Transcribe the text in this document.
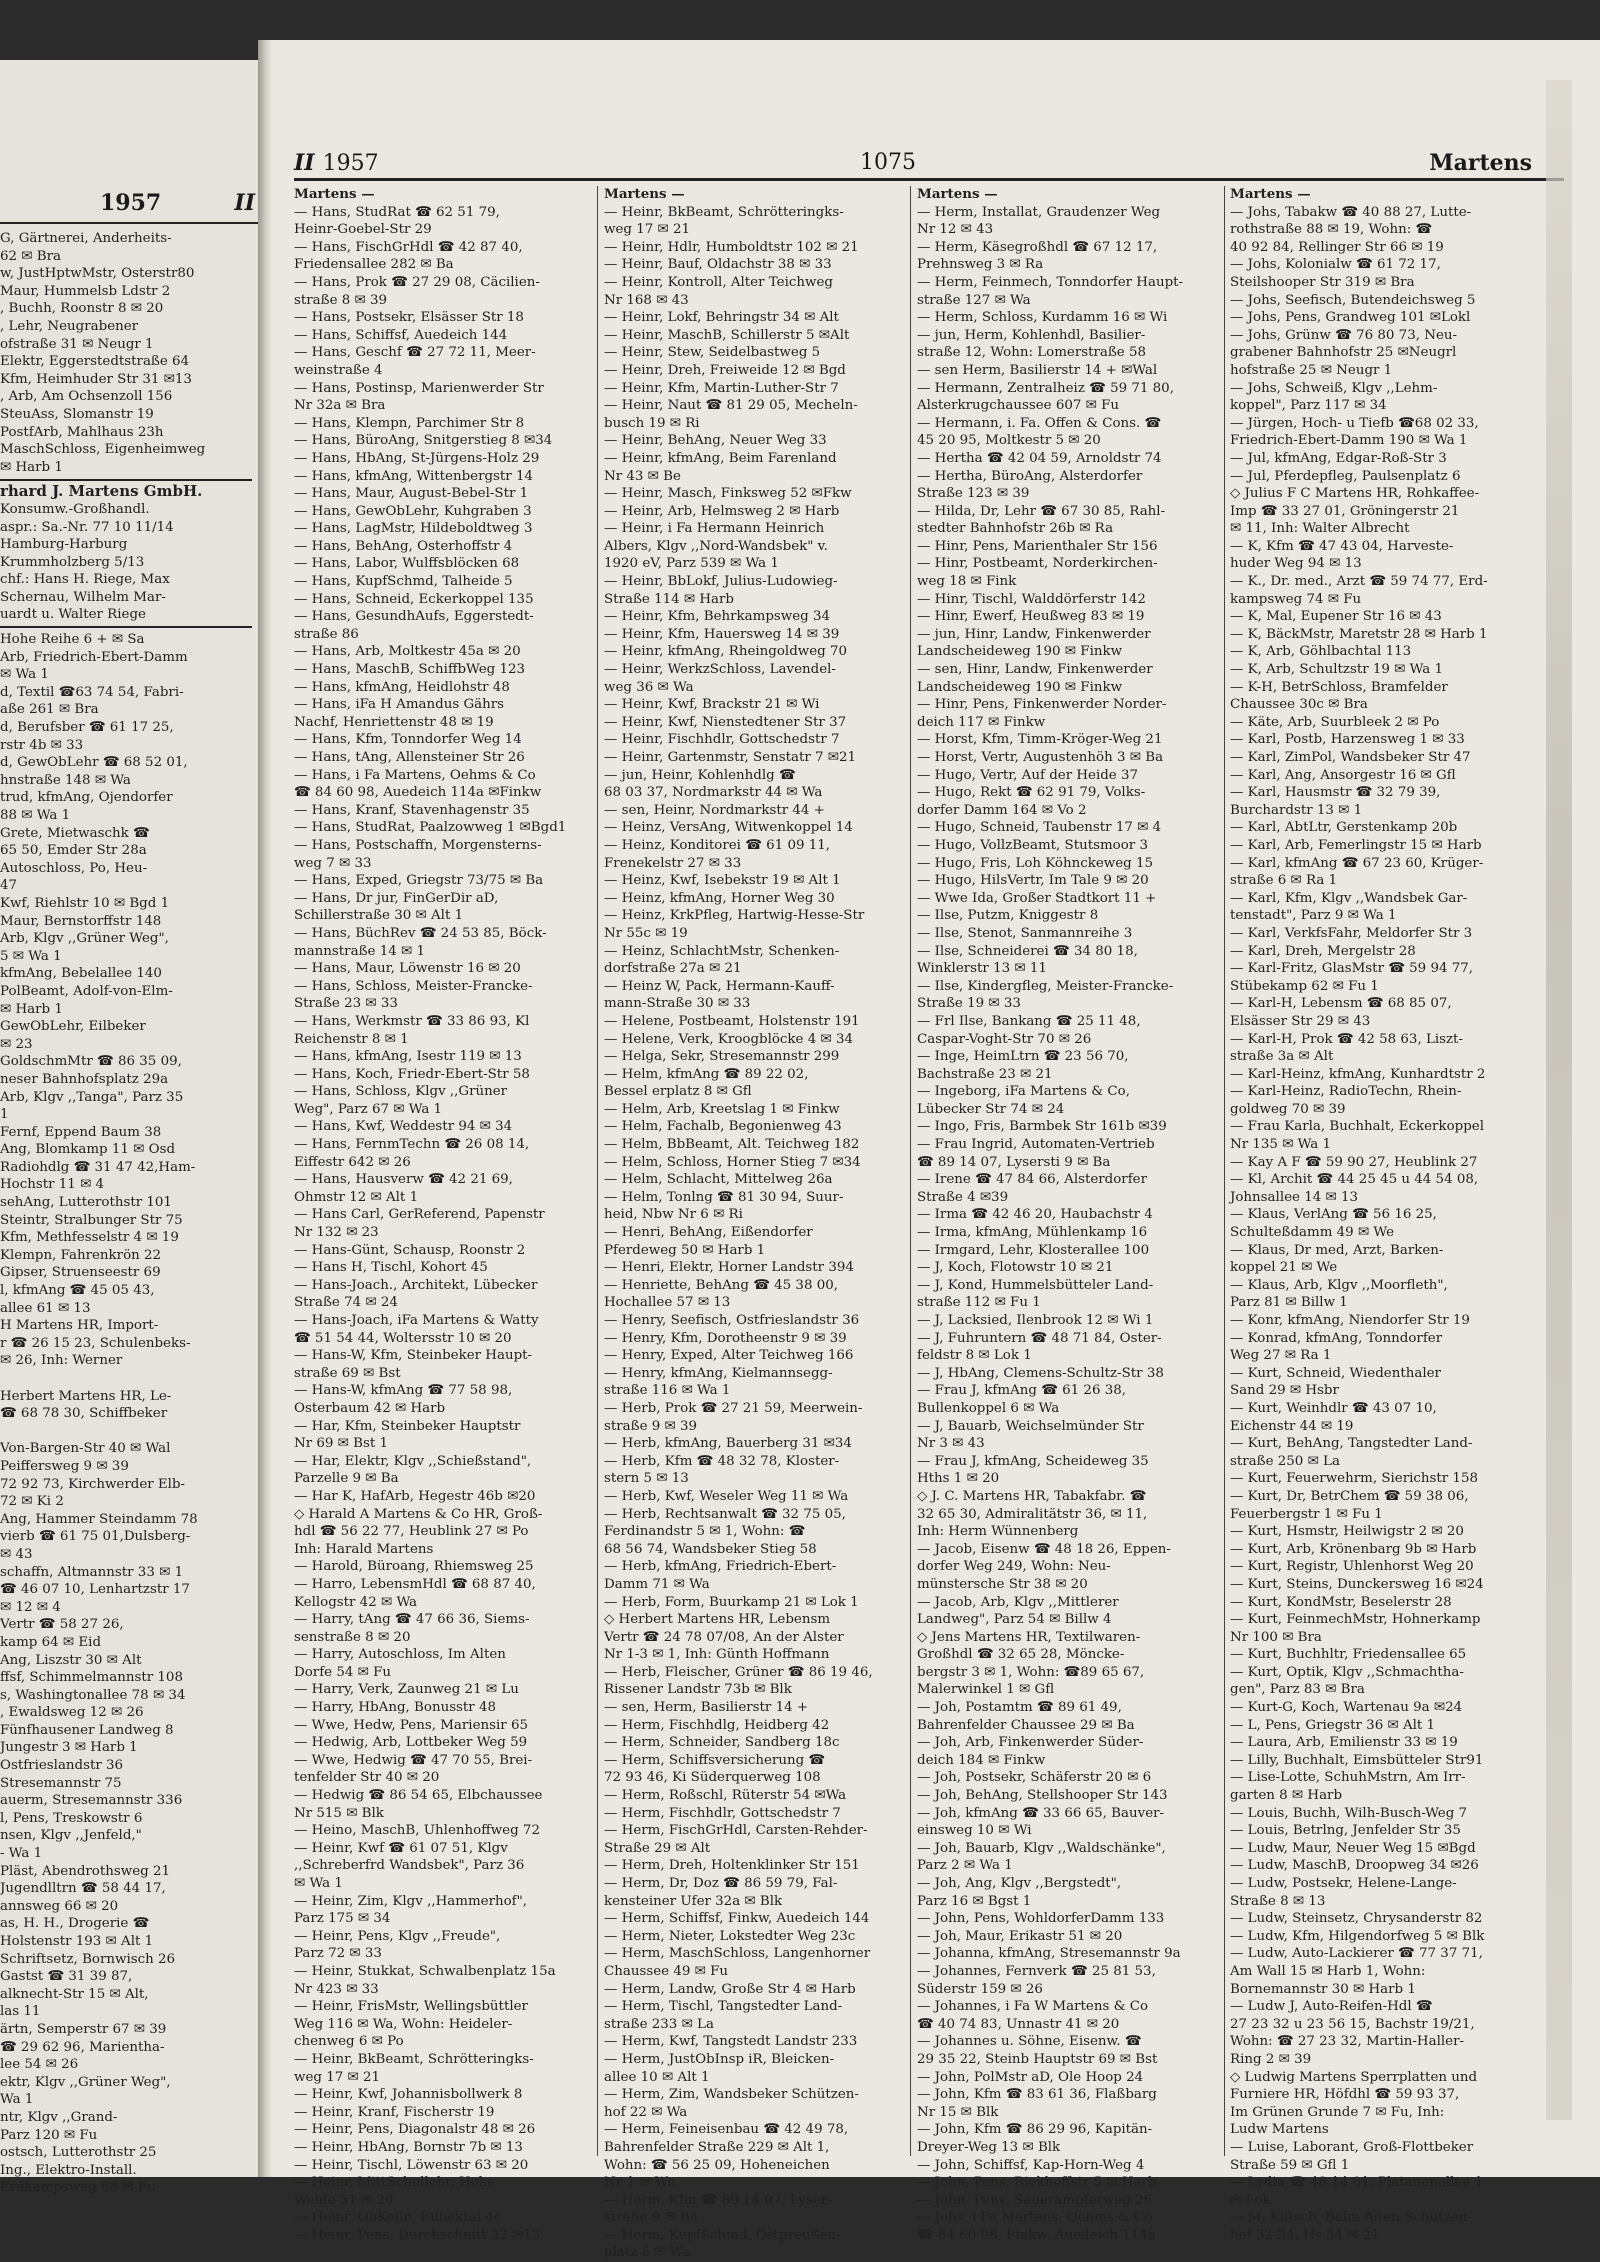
1957	II
G, Gärtnerei, Anderheits-
62 ✉ Bra
w, JustHptwMstr, Osterstr80
Maur, Hummelsb Ldstr 2
, Buchh, Roonstr 8 ✉ 20
, Lehr, Neugrabener
ofstraße 31 ✉ Neugr 1
Elektr, Eggerstedtstraße 64
Kfm, Heimhuder Str 31 ✉13
, Arb, Am Ochsenzoll 156
SteuAss, Slomanstr 19
PostfArb, Mahlhaus 23h
MaschSchloss, Eigenheimweg
✉ Harb 1
rhard J. Martens GmbH.
Konsumw.-Großhandl.
aspr.: Sa.-Nr. 77 10 11/14
Hamburg-Harburg
Krummholzberg 5/13
chf.: Hans H. Riege, Max
Schernau, Wilhelm Mar-
uardt u. Walter Riege
Hohe Reihe 6 + ✉ Sa
Arb, Friedrich-Ebert-Damm
✉ Wa 1
d, Textil ☎63 74 54, Fabri-
aße 261 ✉ Bra
d, Berufsber ☎ 61 17 25,
rstr 4b ✉ 33
d, GewObLehr ☎ 68 52 01,
hnstraße 148 ✉ Wa
trud, kfmAng, Ojendorfer
88 ✉ Wa 1
Grete, Mietwaschk ☎
65 50, Emder Str 28a
Autoschloss, Po, Heu-
47
Kwf, Riehlstr 10 ✉ Bgd 1
Maur, Bernstorffstr 148
Arb, Klgv ,,Grüner Weg",
5 ✉ Wa 1
kfmAng, Bebelallee 140
PolBeamt, Adolf-von-Elm-
✉ Harb 1
GewObLehr, Eilbeker
✉ 23
GoldschmMtr ☎ 86 35 09,
neser Bahnhofsplatz 29a
Arb, Klgv ,,Tanga", Parz 35
1
Fernf, Eppend Baum 38
Ang, Blomkamp 11 ✉ Osd
Radiohdlg ☎ 31 47 42,Ham-
Hochstr 11 ✉ 4
sehAng, Lutterothstr 101
Steintr, Stralbunger Str 75
Kfm, Methfesselstr 4 ✉ 19
Klempn, Fahrenkrön 22
Gipser, Struenseestr 69
l, kfmAng ☎ 45 05 43,
allee 61 ✉ 13
H Martens HR, Import-
r ☎ 26 15 23, Schulenbeks-
✉ 26, Inh: Werner

Herbert Martens HR, Le-
☎ 68 78 30, Schiffbeker

Von-Bargen-Str 40 ✉ Wal
Peiffersweg 9 ✉ 39
72 92 73, Kirchwerder Elb-
72 ✉ Ki 2
Ang, Hammer Steindamm 78
vierb ☎ 61 75 01,Dulsberg-
✉ 43
schaffn, Altmannstr 33 ✉ 1
☎ 46 07 10, Lenhartzstr 17
✉ 12 ✉ 4
Vertr ☎ 58 27 26,
kamp 64 ✉ Eid
Ang, Liszstr 30 ✉ Alt
ffsf, Schimmelmannstr 108
s, Washingtonallee 78 ✉ 34
, Ewaldsweg 12 ✉ 26
Fünfhausener Landweg 8
Jungestr 3 ✉ Harb 1
Ostfrieslandstr 36
Stresemannstr 75
auerm, Stresemannstr 336
l, Pens, Treskowstr 6
nsen, Klgv ,,Jenfeld,"
- Wa 1
Pläst, Abendrothsweg 21
Jugendlltrn ☎ 58 44 17,
annsweg 66 ✉ 20
as, H. H., Drogerie ☎
Holstenstr 193 ✉ Alt 1
Schriftsetz, Bornwisch 26
Gastst ☎ 31 39 87,
alknecht-Str 15 ✉ Alt,
las 11
ärtn, Semperstr 67 ✉ 39
☎ 29 62 96, Marientha-
lee 54 ✉ 26
ektr, Klgv ,,Grüner Weg",
Wa 1
ntr, Klgv ,,Grand-
Parz 120 ✉ Fu
ostsch, Lutterothstr 25
Ing., Elektro-Install.
Erdkampsweg 68 ✉ Fu
II 1957	1075	Martens
Martens —
— Hans, StudRat ☎ 62 51 79,
Heinr-Goebel-Str 29
— Hans, FischGrHdl ☎ 42 87 40,
Friedensallee 282 ✉ Ba
— Hans, Prok ☎ 27 29 08, Cäcilien-
straße 8 ✉ 39
— Hans, Postsekr, Elsässer Str 18
— Hans, Schiffsf, Auedeich 144
— Hans, Geschf ☎ 27 72 11, Meer-
weinstraße 4
— Hans, Postinsp, Marienwerder Str
Nr 32a ✉ Bra
— Hans, Klempn, Parchimer Str 8
— Hans, BüroAng, Snitgerstieg 8 ✉34
— Hans, HbAng, St-Jürgens-Holz 29
— Hans, kfmAng, Wittenbergstr 14
— Hans, Maur, August-Bebel-Str 1
— Hans, GewObLehr, Kuhgraben 3
— Hans, LagMstr, Hildeboldtweg 3
— Hans, BehAng, Osterhoffstr 4
— Hans, Labor, Wulffsblöcken 68
— Hans, KupfSchmd, Talheide 5
— Hans, Schneid, Eckerkoppel 135
— Hans, GesundhAufs, Eggerstedt-
straße 86
— Hans, Arb, Moltkestr 45a ✉ 20
— Hans, MaschB, SchiffbWeg 123
— Hans, kfmAng, Heidlohstr 48
— Hans, iFa H Amandus Gährs
Nachf, Henriettenstr 48 ✉ 19
— Hans, Kfm, Tonndorfer Weg 14
— Hans, tAng, Allensteiner Str 26
— Hans, i Fa Martens, Oehms & Co
☎ 84 60 98, Auedeich 114a ✉Finkw
— Hans, Kranf, Stavenhagenstr 35
— Hans, StudRat, Paalzowweg 1 ✉Bgd1
— Hans, Postschaffn, Morgensterns-
weg 7 ✉ 33
— Hans, Exped, Griegstr 73/75 ✉ Ba
— Hans, Dr jur, FinGerDir aD,
Schillerstraße 30 ✉ Alt 1
— Hans, BüchRev ☎ 24 53 85, Böck-
mannstraße 14 ✉ 1
— Hans, Maur, Löwenstr 16 ✉ 20
— Hans, Schloss, Meister-Francke-
Straße 23 ✉ 33
— Hans, Werkmstr ☎ 33 86 93, Kl
Reichenstr 8 ✉ 1
— Hans, kfmAng, Isestr 119 ✉ 13
— Hans, Koch, Friedr-Ebert-Str 58
— Hans, Schloss, Klgv ,,Grüner
Weg", Parz 67 ✉ Wa 1
— Hans, Kwf, Weddestr 94 ✉ 34
— Hans, FernmTechn ☎ 26 08 14,
Eiffestr 642 ✉ 26
— Hans, Hausverw ☎ 42 21 69,
Ohmstr 12 ✉ Alt 1
— Hans Carl, GerReferend, Papenstr
Nr 132 ✉ 23
— Hans-Günt, Schausp, Roonstr 2
— Hans H, Tischl, Kohort 45
— Hans-Joach., Architekt, Lübecker
Straße 74 ✉ 24
— Hans-Joach, iFa Martens & Watty
☎ 51 54 44, Woltersstr 10 ✉ 20
— Hans-W, Kfm, Steinbeker Haupt-
straße 69 ✉ Bst
— Hans-W, kfmAng ☎ 77 58 98,
Osterbaum 42 ✉ Harb
— Har, Kfm, Steinbeker Hauptstr
Nr 69 ✉ Bst 1
— Har, Elektr, Klgv ,,Schießstand",
Parzelle 9 ✉ Ba
— Har K, HafArb, Hegestr 46b ✉20
◇ Harald A Martens & Co HR, Groß-
hdl ☎ 56 22 77, Heublink 27 ✉ Po
Inh: Harald Martens
— Harold, Büroang, Rhiemsweg 25
— Harro, LebensmHdl ☎ 68 87 40,
Kellogstr 42 ✉ Wa
— Harry, tAng ☎ 47 66 36, Siems-
senstraße 8 ✉ 20
— Harry, Autoschloss, Im Alten
Dorfe 54 ✉ Fu
— Harry, Verk, Zaunweg 21 ✉ Lu
— Harry, HbAng, Bonusstr 48
— Wwe, Hedw, Pens, Mariensir 65
— Hedwig, Arb, Lottbeker Weg 59
— Wwe, Hedwig ☎ 47 70 55, Brei-
tenfelder Str 40 ✉ 20
— Hedwig ☎ 86 54 65, Elbchaussee
Nr 515 ✉ Blk
— Heino, MaschB, Uhlenhoffweg 72
— Heinr, Kwf ☎ 61 07 51, Klgv
,,Schreberfrd Wandsbek", Parz 36
✉ Wa 1
— Heinr, Zim, Klgv ,,Hammerhof",
Parz 175 ✉ 34
— Heinr, Pens, Klgv ,,Freude",
Parz 72 ✉ 33
— Heinr, Stukkat, Schwalbenplatz 15a
Nr 423 ✉ 33
— Heinr, FrisMstr, Wellingsbüttler
Weg 116 ✉ Wa, Wohn: Heideler-
chenweg 6 ✉ Po
— Heinr, BkBeamt, Schrötteringks-
weg 17 ✉ 21
— Heinr, Kwf, Johannisbollwerk 8
— Heinr, Kranf, Fischerstr 19
— Heinr, Pens, Diagonalstr 48 ✉ 26
— Heinr, HbAng, Bornstr 7b ✉ 13
— Heinr, Tischl, Löwenstr 63 ✉ 20
— Heinr, MittSchullehr, Hohe
Weide 51 ✉ 20
— Heinr, ObKelln, Eilbektal 4c
— Heinr, Pens, Durchschnitt 32 ✉13
Martens —
— Heinr, BkBeamt, Schrötteringks-
weg 17 ✉ 21
— Heinr, Hdlr, Humboldtstr 102 ✉ 21
— Heinr, Bauf, Oldachstr 38 ✉ 33
— Heinr, Kontroll, Alter Teichweg
Nr 168 ✉ 43
— Heinr, Lokf, Behringstr 34 ✉ Alt
— Heinr, MaschB, Schillerstr 5 ✉Alt
— Heinr, Stew, Seidelbastweg 5
— Heinr, Dreh, Freiweide 12 ✉ Bgd
— Heinr, Kfm, Martin-Luther-Str 7
— Heinr, Naut ☎ 81 29 05, Mecheln-
busch 19 ✉ Ri
— Heinr, BehAng, Neuer Weg 33
— Heinr, kfmAng, Beim Farenland
Nr 43 ✉ Be
— Heinr, Masch, Finksweg 52 ✉Fkw
— Heinr, Arb, Helmsweg 2 ✉ Harb
— Heinr, i Fa Hermann Heinrich
Albers, Klgv ,,Nord-Wandsbek" v.
1920 eV, Parz 539 ✉ Wa 1
— Heinr, BbLokf, Julius-Ludowieg-
Straße 114 ✉ Harb
— Heinr, Kfm, Behrkampsweg 34
— Heinr, Kfm, Hauersweg 14 ✉ 39
— Heinr, kfmAng, Rheingoldweg 70
— Heinr, WerkzSchloss, Lavendel-
weg 36 ✉ Wa
— Heinr, Kwf, Brackstr 21 ✉ Wi
— Heinr, Kwf, Nienstedtener Str 37
— Heinr, Fischhdlr, Gottschedstr 7
— Heinr, Gartenmstr, Senstatr 7 ✉21
— jun, Heinr, Kohlenhdlg ☎
68 03 37, Nordmarkstr 44 ✉ Wa
— sen, Heinr, Nordmarkstr 44 +
— Heinz, VersAng, Witwenkoppel 14
— Heinz, Konditorei ☎ 61 09 11,
Frenekelstr 27 ✉ 33
— Heinz, Kwf, Isebekstr 19 ✉ Alt 1
— Heinz, kfmAng, Horner Weg 30
— Heinz, KrkPfleg, Hartwig-Hesse-Str
Nr 55c ✉ 19
— Heinz, SchlachtMstr, Schenken-
dorfstraße 27a ✉ 21
— Heinz W, Pack, Hermann-Kauff-
mann-Straße 30 ✉ 33
— Helene, Postbeamt, Holstenstr 191
— Helene, Verk, Kroogblöcke 4 ✉ 34
— Helga, Sekr, Stresemannstr 299
— Helm, kfmAng ☎ 89 22 02,
Bessel erplatz 8 ✉ Gfl
— Helm, Arb, Kreetslag 1 ✉ Finkw
— Helm, Fachalb, Begonienweg 43
— Helm, BbBeamt, Alt. Teichweg 182
— Helm, Schloss, Horner Stieg 7 ✉34
— Helm, Schlacht, Mittelweg 26a
— Helm, Tonlng ☎ 81 30 94, Suur-
heid, Nbw Nr 6 ✉ Ri
— Henri, BehAng, Eißendorfer
Pferdeweg 50 ✉ Harb 1
— Henri, Elektr, Horner Landstr 394
— Henriette, BehAng ☎ 45 38 00,
Hochallee 57 ✉ 13
— Henry, Seefisch, Ostfrieslandstr 36
— Henry, Kfm, Dorotheenstr 9 ✉ 39
— Henry, Exped, Alter Teichweg 166
— Henry, kfmAng, Kielmannsegg-
straße 116 ✉ Wa 1
— Herb, Prok ☎ 27 21 59, Meerwein-
straße 9 ✉ 39
— Herb, kfmAng, Bauerberg 31 ✉34
— Herb, Kfm ☎ 48 32 78, Kloster-
stern 5 ✉ 13
— Herb, Kwf, Weseler Weg 11 ✉ Wa
— Herb, Rechtsanwalt ☎ 32 75 05,
Ferdinandstr 5 ✉ 1, Wohn: ☎
68 56 74, Wandsbeker Stieg 58
— Herb, kfmAng, Friedrich-Ebert-
Damm 71 ✉ Wa
— Herb, Form, Buurkamp 21 ✉ Lok 1
◇ Herbert Martens HR, Lebensm
Vertr ☎ 24 78 07/08, An der Alster
Nr 1-3 ✉ 1, Inh: Günth Hoffmann
— Herb, Fleischer, Grüner ☎ 86 19 46,
Rissener Landstr 73b ✉ Blk
— sen, Herm, Basilierstr 14 +
— Herm, Fischhdlg, Heidberg 42
— Herm, Schneider, Sandberg 18c
— Herm, Schiffsversicherung ☎
72 93 46, Ki Süderquerweg 108
— Herm, Roßschl, Rüterstr 54 ✉Wa
— Herm, Fischhdlr, Gottschedstr 7
— Herm, FischGrHdl, Carsten-Rehder-
Straße 29 ✉ Alt
— Herm, Dreh, Holtenklinker Str 151
— Herm, Dr, Doz ☎ 86 59 79, Fal-
kensteiner Ufer 32a ✉ Blk
— Herm, Schiffsf, Finkw, Auedeich 144
— Herm, Nieter, Lokstedter Weg 23c
— Herm, MaschSchloss, Langenhorner
Chaussee 49 ✉ Fu
— Herm, Landw, Große Str 4 ✉ Harb
— Herm, Tischl, Tangstedter Land-
straße 233 ✉ La
— Herm, Kwf, Tangstedt Landstr 233
— Herm, JustObInsp iR, Bleicken-
allee 10 ✉ Alt 1
— Herm, Zim, Wandsbeker Schützen-
hof 22 ✉ Wa
— Herm, Feineisenbau ☎ 42 49 78,
Bahrenfelder Straße 229 ✉ Alt 1,
Wohn: ☎ 56 25 09, Hoheneichen
Nr 1 ✉ We
— Herm, Kfm ☎ 89 14 07, Lyser-
straße 9 ✉ Ba
— Herm, KupfSchmd, Ostpreußen-
platz 5 ✉ Wa
Martens —
— Herm, Installat, Graudenzer Weg
Nr 12 ✉ 43
— Herm, Käsegroßhdl ☎ 67 12 17,
Prehnsweg 3 ✉ Ra
— Herm, Feinmech, Tonndorfer Haupt-
straße 127 ✉ Wa
— Herm, Schloss, Kurdamm 16 ✉ Wi
— jun, Herm, Kohlenhdl, Basilier-
straße 12, Wohn: Lomerstraße 58
— sen Herm, Basilierstr 14 + ✉Wal
— Hermann, Zentralheiz ☎ 59 71 80,
Alsterkrugchaussee 607 ✉ Fu
— Hermann, i. Fa. Offen & Cons. ☎
45 20 95, Moltkestr 5 ✉ 20
— Hertha ☎ 42 04 59, Arnoldstr 74
— Hertha, BüroAng, Alsterdorfer
Straße 123 ✉ 39
— Hilda, Dr, Lehr ☎ 67 30 85, Rahl-
stedter Bahnhofstr 26b ✉ Ra
— Hinr, Pens, Marienthaler Str 156
— Hinr, Postbeamt, Norderkirchen-
weg 18 ✉ Fink
— Hinr, Tischl, Walddörferstr 142
— Hinr, Ewerf, Heußweg 83 ✉ 19
— jun, Hinr, Landw, Finkenwerder
Landscheideweg 190 ✉ Finkw
— sen, Hinr, Landw, Finkenwerder
Landscheideweg 190 ✉ Finkw
— Hinr, Pens, Finkenwerder Norder-
deich 117 ✉ Finkw
— Horst, Kfm, Timm-Kröger-Weg 21
— Horst, Vertr, Augustenhöh 3 ✉ Ba
— Hugo, Vertr, Auf der Heide 37
— Hugo, Rekt ☎ 62 91 79, Volks-
dorfer Damm 164 ✉ Vo 2
— Hugo, Schneid, Taubenstr 17 ✉ 4
— Hugo, VollzBeamt, Stutsmoor 3
— Hugo, Fris, Loh Köhnckeweg 15
— Hugo, HilsVertr, Im Tale 9 ✉ 20
— Wwe Ida, Großer Stadtkort 11 +
— Ilse, Putzm, Kniggestr 8
— Ilse, Stenot, Sanmannreihe 3
— Ilse, Schneiderei ☎ 34 80 18,
Winklerstr 13 ✉ 11
— Ilse, Kindergfleg, Meister-Francke-
Straße 19 ✉ 33
— Frl Ilse, Bankang ☎ 25 11 48,
Caspar-Voght-Str 70 ✉ 26
— Inge, HeimLtrn ☎ 23 56 70,
Bachstraße 23 ✉ 21
— Ingeborg, iFa Martens & Co,
Lübecker Str 74 ✉ 24
— Ingo, Fris, Barmbek Str 161b ✉39
— Frau Ingrid, Automaten-Vertrieb
☎ 89 14 07, Lysersti 9 ✉ Ba
— Irene ☎ 47 84 66, Alsterdorfer
Straße 4 ✉39
— Irma ☎ 42 46 20, Haubachstr 4
— Irma, kfmAng, Mühlenkamp 16
— Irmgard, Lehr, Klosterallee 100
— J, Koch, Flotowstr 10 ✉ 21
— J, Kond, Hummelsbütteler Land-
straße 112 ✉ Fu 1
— J, Lacksied, Ilenbrook 12 ✉ Wi 1
— J, Fuhruntern ☎ 48 71 84, Oster-
feldstr 8 ✉ Lok 1
— J, HbAng, Clemens-Schultz-Str 38
— Frau J, kfmAng ☎ 61 26 38,
Bullenkoppel 6 ✉ Wa
— J, Bauarb, Weichselmünder Str
Nr 3 ✉ 43
— Frau J, kfmAng, Scheideweg 35
Hths 1 ✉ 20
◇ J. C. Martens HR, Tabakfabr. ☎
32 65 30, Admiralitätstr 36, ✉ 11,
Inh: Herm Wünnenberg
— Jacob, Eisenw ☎ 48 18 26, Eppen-
dorfer Weg 249, Wohn: Neu-
münstersche Str 38 ✉ 20
— Jacob, Arb, Klgv ,,Mittlerer
Landweg", Parz 54 ✉ Billw 4
◇ Jens Martens HR, Textilwaren-
Großhdl ☎ 32 65 28, Möncke-
bergstr 3 ✉ 1, Wohn: ☎89 65 67,
Malerwinkel 1 ✉ Gfl
— Joh, Postamtm ☎ 89 61 49,
Bahrenfelder Chaussee 29 ✉ Ba
— Joh, Arb, Finkenwerder Süder-
deich 184 ✉ Finkw
— Joh, Postsekr, Schäferstr 20 ✉ 6
— Joh, BehAng, Stellshooper Str 143
— Joh, kfmAng ☎ 33 66 65, Bauver-
einsweg 10 ✉ Wi
— Joh, Bauarb, Klgv ,,Waldschänke",
Parz 2 ✉ Wa 1
— Joh, Ang, Klgv ,,Bergstedt",
Parz 16 ✉ Bgst 1
— John, Pens, WohldorferDamm 133
— Joh, Maur, Erikastr 51 ✉ 20
— Johanna, kfmAng, Stresemannstr 9a
— Johannes, Fernverk ☎ 25 81 53,
Süderstr 159 ✉ 26
— Johannes, i Fa W Martens & Co
☎ 40 74 83, Unnastr 41 ✉ 20
— Johannes u. Söhne, Eisenw. ☎
29 35 22, Steinb Hauptstr 69 ✉ Bst
— John, PolMstr aD, Ole Hoop 24
— John, Kfm ☎ 83 61 36, Flaßbarg
Nr 15 ✉ Blk
— John, Kfm ☎ 86 29 96, Kapitän-
Dreyer-Weg 13 ✉ Blk
— John, Schiffsf, Kap-Horn-Weg 4
— John, Pens, Riekhoffstr 5 ✉ Harb
— John, Pens, Sauerampferweg 26
— Johs, i Fa Martens, Oehms & Co
☎ 84 60 98, Finkw, Auedeich 114a
Martens —
— Johs, Tabakw ☎ 40 88 27, Lutte-
rothstraße 88 ✉ 19, Wohn: ☎
40 92 84, Rellinger Str 66 ✉ 19
— Johs, Kolonialw ☎ 61 72 17,
Steilshooper Str 319 ✉ Bra
— Johs, Seefisch, Butendeichsweg 5
— Johs, Pens, Grandweg 101 ✉Lokl
— Johs, Grünw ☎ 76 80 73, Neu-
grabener Bahnhofstr 25 ✉Neugrl
hofstraße 25 ✉ Neugr 1
— Johs, Schweiß, Klgv ,,Lehm-
koppel", Parz 117 ✉ 34
— Jürgen, Hoch- u Tiefb ☎68 02 33,
Friedrich-Ebert-Damm 190 ✉ Wa 1
— Jul, kfmAng, Edgar-Roß-Str 3
— Jul, Pferdepfleg, Paulsenplatz 6
◇ Julius F C Martens HR, Rohkaffee-
Imp ☎ 33 27 01, Gröningerstr 21
✉ 11, Inh: Walter Albrecht
— K, Kfm ☎ 47 43 04, Harveste-
huder Weg 94 ✉ 13
— K., Dr. med., Arzt ☎ 59 74 77, Erd-
kampsweg 74 ✉ Fu
— K, Mal, Eupener Str 16 ✉ 43
— K, BäckMstr, Maretstr 28 ✉ Harb 1
— K, Arb, Göhlbachtal 113
— K, Arb, Schultzstr 19 ✉ Wa 1
— K-H, BetrSchloss, Bramfelder
Chaussee 30c ✉ Bra
— Käte, Arb, Suurbleek 2 ✉ Po
— Karl, Postb, Harzensweg 1 ✉ 33
— Karl, ZimPol, Wandsbeker Str 47
— Karl, Ang, Ansorgestr 16 ✉ Gfl
— Karl, Hausmstr ☎ 32 79 39,
Burchardstr 13 ✉ 1
— Karl, AbtLtr, Gerstenkamp 20b
— Karl, Arb, Femerlingstr 15 ✉ Harb
— Karl, kfmAng ☎ 67 23 60, Krüger-
straße 6 ✉ Ra 1
— Karl, Kfm, Klgv ,,Wandsbek Gar-
tenstadt", Parz 9 ✉ Wa 1
— Karl, VerkfsFahr, Meldorfer Str 3
— Karl, Dreh, Mergelstr 28
— Karl-Fritz, GlasMstr ☎ 59 94 77,
Stübekamp 62 ✉ Fu 1
— Karl-H, Lebensm ☎ 68 85 07,
Elsässer Str 29 ✉ 43
— Karl-H, Prok ☎ 42 58 63, Liszt-
straße 3a ✉ Alt
— Karl-Heinz, kfmAng, Kunhardtstr 2
— Karl-Heinz, RadioTechn, Rhein-
goldweg 70 ✉ 39
— Frau Karla, Buchhalt, Eckerkoppel
Nr 135 ✉ Wa 1
— Kay A F ☎ 59 90 27, Heublink 27
— Kl, Archit ☎ 44 25 45 u 44 54 08,
Johnsallee 14 ✉ 13
— Klaus, VerlAng ☎ 56 16 25,
Schulteßdamm 49 ✉ We
— Klaus, Dr med, Arzt, Barken-
koppel 21 ✉ We
— Klaus, Arb, Klgv ,,Moorfleth",
Parz 81 ✉ Billw 1
— Konr, kfmAng, Niendorfer Str 19
— Konrad, kfmAng, Tonndorfer
Weg 27 ✉ Ra 1
— Kurt, Schneid, Wiedenthaler
Sand 29 ✉ Hsbr
— Kurt, Weinhdlr ☎ 43 07 10,
Eichenstr 44 ✉ 19
— Kurt, BehAng, Tangstedter Land-
straße 250 ✉ La
— Kurt, Feuerwehrm, Sierichstr 158
— Kurt, Dr, BetrChem ☎ 59 38 06,
Feuerbergstr 1 ✉ Fu 1
— Kurt, Hsmstr, Heilwigstr 2 ✉ 20
— Kurt, Arb, Krönenbarg 9b ✉ Harb
— Kurt, Registr, Uhlenhorst Weg 20
— Kurt, Steins, Dunckersweg 16 ✉24
— Kurt, KondMstr, Beselerstr 28
— Kurt, FeinmechMstr, Hohnerkamp
Nr 100 ✉ Bra
— Kurt, Buchhltr, Friedensallee 65
— Kurt, Optik, Klgv ,,Schmachtha-
gen", Parz 83 ✉ Bra
— Kurt-G, Koch, Wartenau 9a ✉24
— L, Pens, Griegstr 36 ✉ Alt 1
— Laura, Arb, Emilienstr 33 ✉ 19
— Lilly, Buchhalt, Eimsbütteler Str91
— Lise-Lotte, SchuhMstrn, Am Irr-
garten 8 ✉ Harb
— Louis, Buchh, Wilh-Busch-Weg 7
— Louis, Betrlng, Jenfelder Str 35
— Ludw, Maur, Neuer Weg 15 ✉Bgd
— Ludw, MaschB, Droopweg 34 ✉26
— Ludw, Postsekr, Helene-Lange-
Straße 8 ✉ 13
— Ludw, Steinsetz, Chrysanderstr 82
— Ludw, Kfm, Hilgendorfweg 5 ✉ Blk
— Ludw, Auto-Lackierer ☎ 77 37 71,
Am Wall 15 ✉ Harb 1, Wohn:
Bornemannstr 30 ✉ Harb 1
— Ludw J, Auto-Reifen-Hdl ☎
27 23 32 u 23 56 15, Bachstr 19/21,
Wohn: ☎ 27 23 32, Martin-Haller-
Ring 2 ✉ 39
◇ Ludwig Martens Sperrplatten und
Furniere HR, Höfdhl ☎ 59 93 37,
Im Grünen Grunde 7 ✉ Fu, Inh:
Ludw Martens
— Luise, Laborant, Groß-Flottbeker
Straße 59 ✉ Gfl 1
— Lydia ☎ 48 14 01, Platanenallee 1
✉ Lok
— M, Kutsch, Beim Alten Schützen-
hof 32-34, Hs 34 ✉ 21
